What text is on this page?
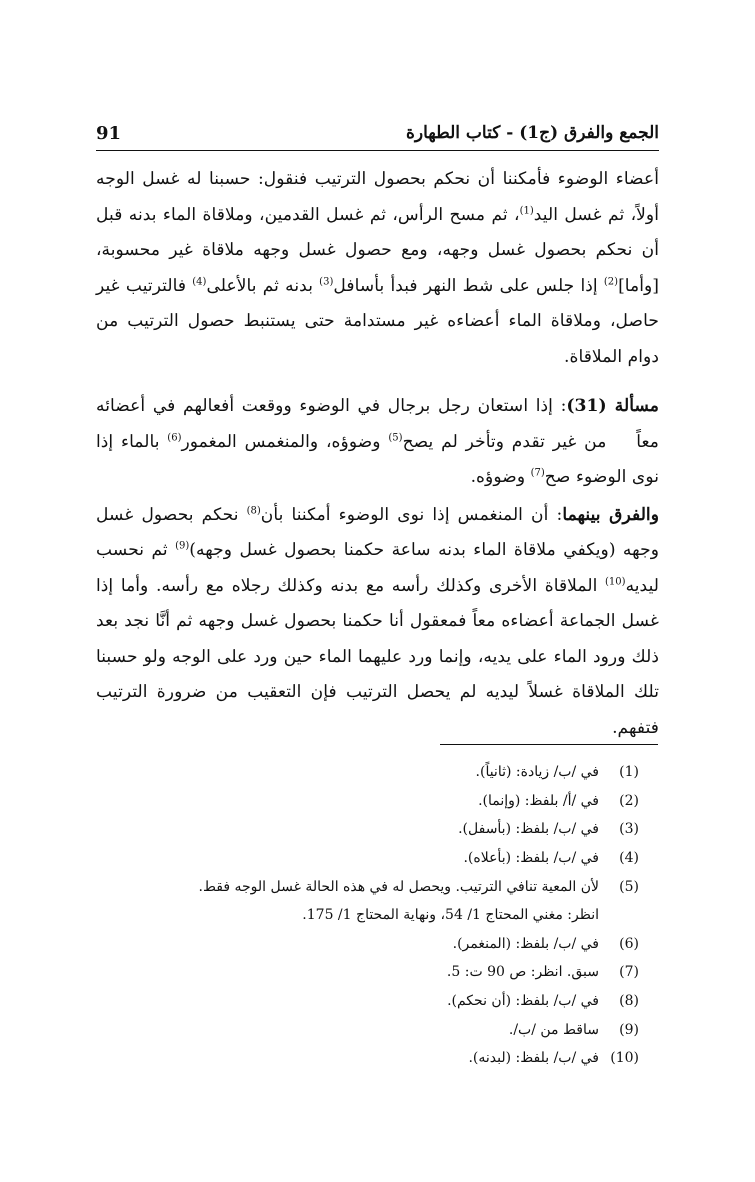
الجمع والفرق (ج1) - كتاب الطهارة
91

أعضاء الوضوء فأمكننا أن نحكم بحصول الترتيب فنقول: حسبنا له غسل الوجه أولاً، ثم غسل اليد$^{(1)}$، ثم مسح الرأس، ثم غسل القدمين، وملاقاة الماء بدنه قبل أن نحكم بحصول غسل وجهه، ومع حصول غسل وجهه ملاقاة غير محسوبة، [وأما]$^{(2)}$ إذا جلس على شط النهر فبدأ بأسافل$^{(3)}$ بدنه ثم بالأعلى$^{(4)}$ فالترتيب غير حاصل، وملاقاة الماء أعضاءه غير مستدامة حتى يستنبط حصول الترتيب من دوام الملاقاة.

مسألة (31): إذا استعان رجل برجال في الوضوء ووقعت أفعالهم في أعضائه معاً من غير تقدم وتأخر لم يصح$^{(5)}$ وضوؤه، والمنغمس المغمور$^{(6)}$ بالماء إذا نوى الوضوء صح$^{(7)}$ وضوؤه.

والفرق بينهما: أن المنغمس إذا نوى الوضوء أمكننا بأن$^{(8)}$ نحكم بحصول غسل وجهه (ويكفي ملاقاة الماء بدنه ساعة حكمنا بحصول غسل وجهه)$^{(9)}$ ثم نحسب ليديه$^{(10)}$ الملاقاة الأخرى وكذلك رأسه مع بدنه وكذلك رجلاه مع رأسه. وأما إذا غسل الجماعة أعضاءه معاً فمعقول أنا حكمنا بحصول غسل وجهه ثم أنَّا نجد بعد ذلك ورود الماء على يديه، وإنما ورد عليهما الماء حين ورد على الوجه ولو حسبنا تلك الملاقاة غسلاً ليديه لم يحصل الترتيب فإن التعقيب من ضرورة الترتيب فتفهم.

(1)
في /ب/ زيادة: (ثانياً).
(2)
في /أ/ بلفظ: (وإنما).
(3)
في /ب/ بلفظ: (بأسفل).
(4)
في /ب/ بلفظ: (بأعلاه).
(5)
لأن المعية تنافي الترتيب. ويحصل له في هذه الحالة غسل الوجه فقط.
انظر: مغني المحتاج 1/ 54، ونهاية المحتاج 1/ 175.
(6)
في /ب/ بلفظ: (المنغمر).
(7)
سبق. انظر: ص 90 ت: 5.
(8)
في /ب/ بلفظ: (أن نحكم).
(9)
ساقط من /ب/.
(10)
في /ب/ بلفظ: (لبدنه).
